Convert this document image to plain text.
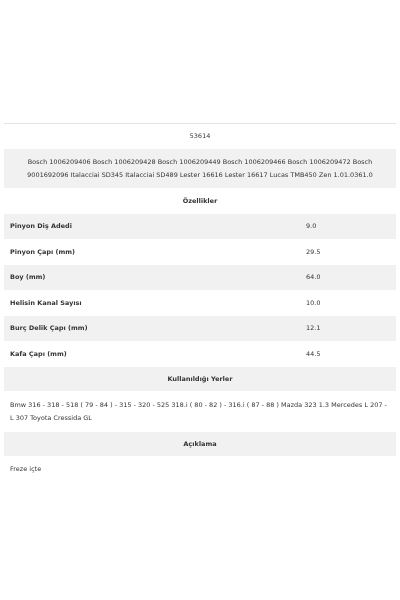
53614
Bosch 1006209406 Bosch 1006209428 Bosch 1006209449 Bosch 1006209466 Bosch 1006209472 Bosch 9001692096 Italacciai SD345 Italacciai SD489 Lester 16616 Lester 16617 Lucas TMB450 Zen 1.01.0361.0
Özellikler
Pinyon Diş Adedi	9.0
Pinyon Çapı (mm)	29.5
Boy (mm)	64.0
Helisin Kanal Sayısı	10.0
Burç Delik Çapı (mm)	12.1
Kafa Çapı (mm)	44.5
Kullanıldığı Yerler
Bmw 316 - 318 - 518 ( 79 - 84 ) - 315 - 320 - 525 318.i ( 80 - 82 ) - 316.i ( 87 - 88 ) Mazda 323 1.3 Mercedes L 207 - L 307 Toyota Cressida GL
Açıklama
Freze içte
